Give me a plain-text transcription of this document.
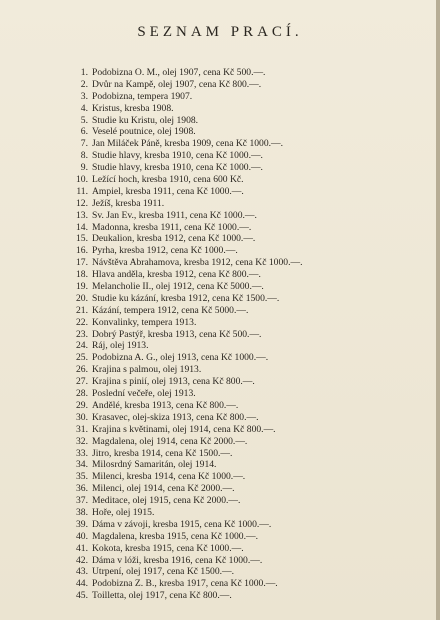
SEZNAM PRACÍ.
1. Podobizna O. M., olej 1907, cena Kč 500.—.
2. Dvůr na Kampě, olej 1907, cena Kč 800.—.
3. Podobizna, tempera 1907.
4. Kristus, kresba 1908.
5. Studie ku Kristu, olej 1908.
6. Veselé poutnice, olej 1908.
7. Jan Miláček Páně, kresba 1909, cena Kč 1000.—.
8. Studie hlavy, kresba 1910, cena Kč 1000.—.
9. Studie hlavy, kresba 1910, cena Kč 1000.—.
10. Ležící hoch, kresba 1910, cena 600 Kč.
11. Ampiel, kresba 1911, cena Kč 1000.—.
12. Ježíš, kresba 1911.
13. Sv. Jan Ev., kresba 1911, cena Kč 1000.—.
14. Madonna, kresba 1911, cena Kč 1000.—.
15. Deukalion, kresba 1912, cena Kč 1000.—.
16. Pyrha, kresba 1912, cena Kč 1000.—.
17. Návštěva Abrahamova, kresba 1912, cena Kč 1000.—.
18. Hlava anděla, kresba 1912, cena Kč 800.—.
19. Melancholie II., olej 1912, cena Kč 5000.—.
20. Studie ku kázání, kresba 1912, cena Kč 1500.—.
21. Kázání, tempera 1912, cena Kč 5000.—.
22. Konvalinky, tempera 1913.
23. Dobrý Pastýř, kresba 1913, cena Kč 500.—.
24. Ráj, olej 1913.
25. Podobizna A. G., olej 1913, cena Kč 1000.—.
26. Krajina s palmou, olej 1913.
27. Krajina s pinií, olej 1913, cena Kč 800.—.
28. Poslední večeře, olej 1913.
29. Andělé, kresba 1913, cena Kč 800.—.
30. Krasavec, olej-skiza 1913, cena Kč 800.—.
31. Krajina s květinami, olej 1914, cena Kč 800.—.
32. Magdalena, olej 1914, cena Kč 2000.—.
33. Jitro, kresba 1914, cena Kč 1500.—.
34. Milosrdný Samaritán, olej 1914.
35. Milenci, kresba 1914, cena Kč 1000.—.
36. Milenci, olej 1914, cena Kč 2000.—.
37. Meditace, olej 1915, cena Kč 2000.—.
38. Hoře, olej 1915.
39. Dáma v závoji, kresba 1915, cena Kč 1000.—.
40. Magdalena, kresba 1915, cena Kč 1000.—.
41. Kokota, kresba 1915, cena Kč 1000.—.
42. Dáma v lóži, kresba 1916, cena Kč 1000.—.
43. Utrpení, olej 1917, cena Kč 1500.—.
44. Podobizna Z. B., kresba 1917, cena Kč 1000.—.
45. Toilletta, olej 1917, cena Kč 800.—.
